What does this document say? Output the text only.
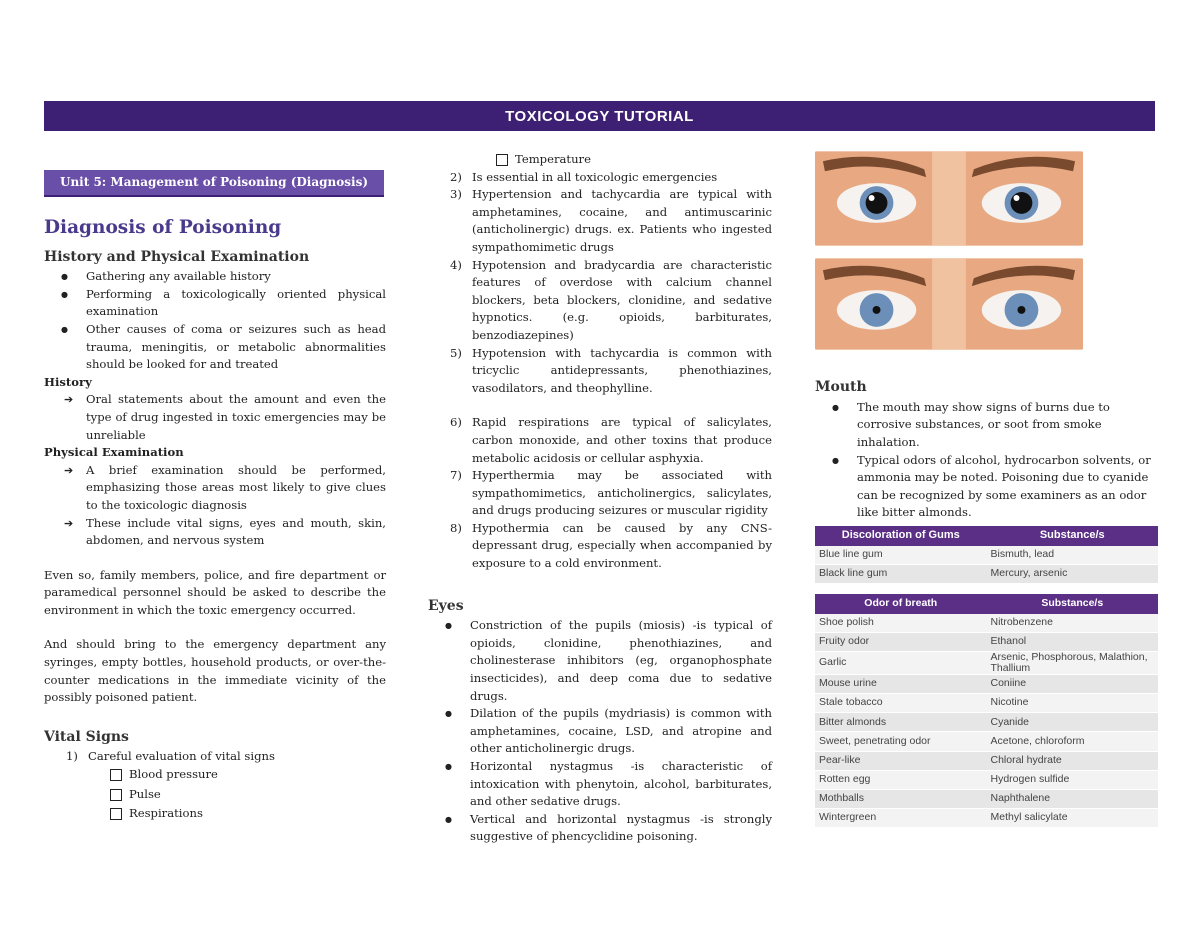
TOXICOLOGY TUTORIAL
Unit 5: Management of Poisoning (Diagnosis)
Diagnosis of Poisoning
History and Physical Examination
● Gathering any available history
● Performing a toxicologically oriented physical examination
● Other causes of coma or seizures such as head trauma, meningitis, or metabolic abnormalities should be looked for and treated
History
➔ Oral statements about the amount and even the type of drug ingested in toxic emergencies may be unreliable
Physical Examination
➔ A brief examination should be performed, emphasizing those areas most likely to give clues to the toxicologic diagnosis
➔ These include vital signs, eyes and mouth, skin, abdomen, and nervous system
Even so, family members, police, and fire department or paramedical personnel should be asked to describe the environment in which the toxic emergency occurred.
And should bring to the emergency department any syringes, empty bottles, household products, or over-the-counter medications in the immediate vicinity of the possibly poisoned patient.
Vital Signs
1) Careful evaluation of vital signs
Blood pressure
Pulse
Respirations
Temperature
2) Is essential in all toxicologic emergencies
3) Hypertension and tachycardia are typical with amphetamines, cocaine, and antimuscarinic (anticholinergic) drugs. ex. Patients who ingested sympathomimetic drugs
4) Hypotension and bradycardia are characteristic features of overdose with calcium channel blockers, beta blockers, clonidine, and sedative hypnotics. (e.g. opioids, barbiturates, benzodiazepines)
5) Hypotension with tachycardia is common with tricyclic antidepressants, phenothiazines, vasodilators, and theophylline.
6) Rapid respirations are typical of salicylates, carbon monoxide, and other toxins that produce metabolic acidosis or cellular asphyxia.
7) Hyperthermia may be associated with sympathomimetics, anticholinergics, salicylates, and drugs producing seizures or muscular rigidity
8) Hypothermia can be caused by any CNS-depressant drug, especially when accompanied by exposure to a cold environment.
Eyes
● Constriction of the pupils (miosis) -is typical of opioids, clonidine, phenothiazines, and cholinesterase inhibitors (eg, organophosphate insecticides), and deep coma due to sedative drugs.
● Dilation of the pupils (mydriasis) is common with amphetamines, cocaine, LSD, and atropine and other anticholinergic drugs.
● Horizontal nystagmus -is characteristic of intoxication with phenytoin, alcohol, barbiturates, and other sedative drugs.
● Vertical and horizontal nystagmus -is strongly suggestive of phencyclidine poisoning.

Mouth
● The mouth may show signs of burns due to corrosive substances, or soot from smoke inhalation.
● Typical odors of alcohol, hydrocarbon solvents, or ammonia may be noted. Poisoning due to cyanide can be recognized by some examiners as an odor like bitter almonds.
Discoloration of Gums	Substance/s
Blue line gum	Bismuth, lead
Black line gum	Mercury, arsenic
Odor of breath	Substance/s
Shoe polish	Nitrobenzene
Fruity odor	Ethanol
Garlic	Arsenic, Phosphorous, Malathion, Thallium
Mouse urine	Coniine
Stale tobacco	Nicotine
Bitter almonds	Cyanide
Sweet, penetrating odor	Acetone, chloroform
Pear-like	Chloral hydrate
Rotten egg	Hydrogen sulfide
Mothballs	Naphthalene
Wintergreen	Methyl salicylate
